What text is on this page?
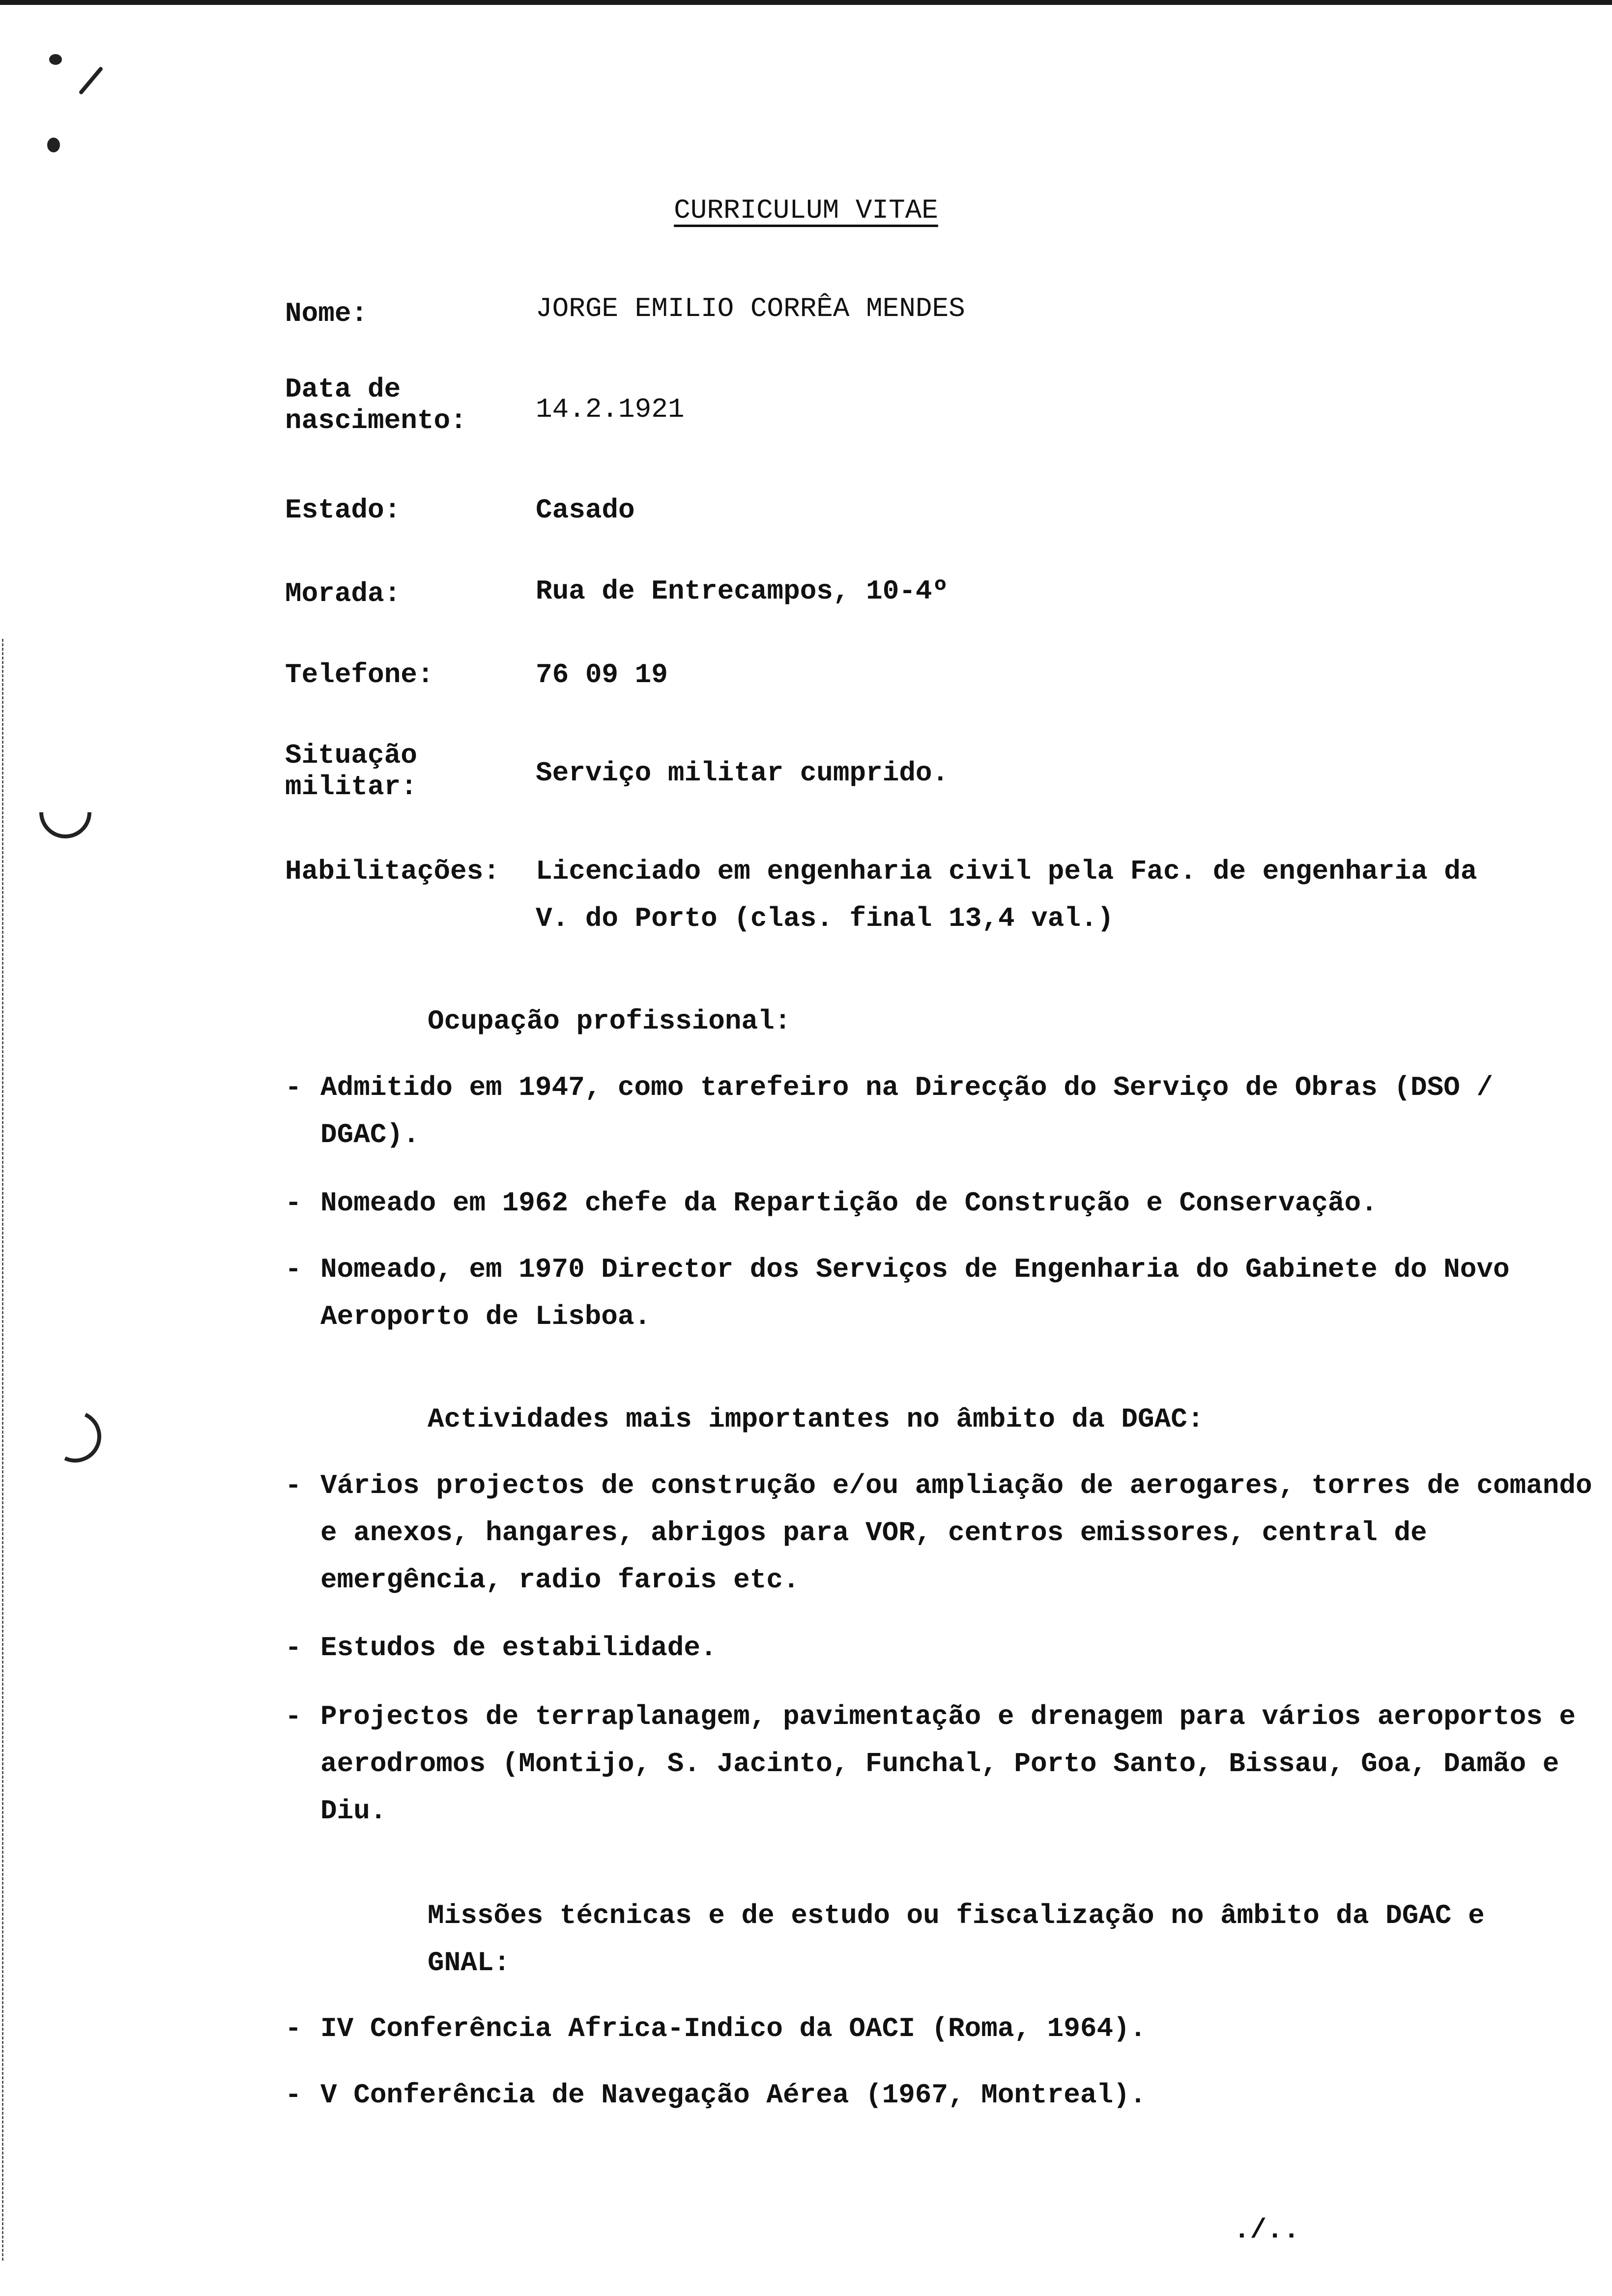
CURRICULUM VITAE
Nome:	JORGE EMILIO CORRÊA MENDES
Data de nascimento:	14.2.1921
Estado:	Casado
Morada:	Rua de Entrecampos, 10-4º
Telefone:	76 09 19
Situação militar:	Serviço militar cumprido.
Habilitações:	Licenciado em engenharia civil pela Fac. de engenharia da V. do Porto (clas. final 13,4 val.)
Ocupação profissional:
- Admitido em 1947, como tarefeiro na Direcção do Serviço de Obras (DSO / DGAC).
- Nomeado em 1962 chefe da Repartição de Construção e Conservação.
- Nomeado, em 1970 Director dos Serviços de Engenharia do Gabinete do Novo Aeroporto de Lisboa.
Actividades mais importantes no âmbito da DGAC:
- Vários projectos de construção e/ou ampliação de aerogares, torres de comando e anexos, hangares, abrigos para VOR, centros emissores, central de emergência, radio farois etc.
- Estudos de estabilidade.
- Projectos de terraplanagem, pavimentação e drenagem para vários aeroportos e aerodromos (Montijo, S. Jacinto, Funchal, Porto Santo, Bissau, Goa, Damão e Diu.
Missões técnicas e de estudo ou fiscalização no âmbito da DGAC e GNAL:
- IV Conferência Africa-Indico da OACI (Roma, 1964).
- V Conferência de Navegação Aérea (1967, Montreal).
./..
